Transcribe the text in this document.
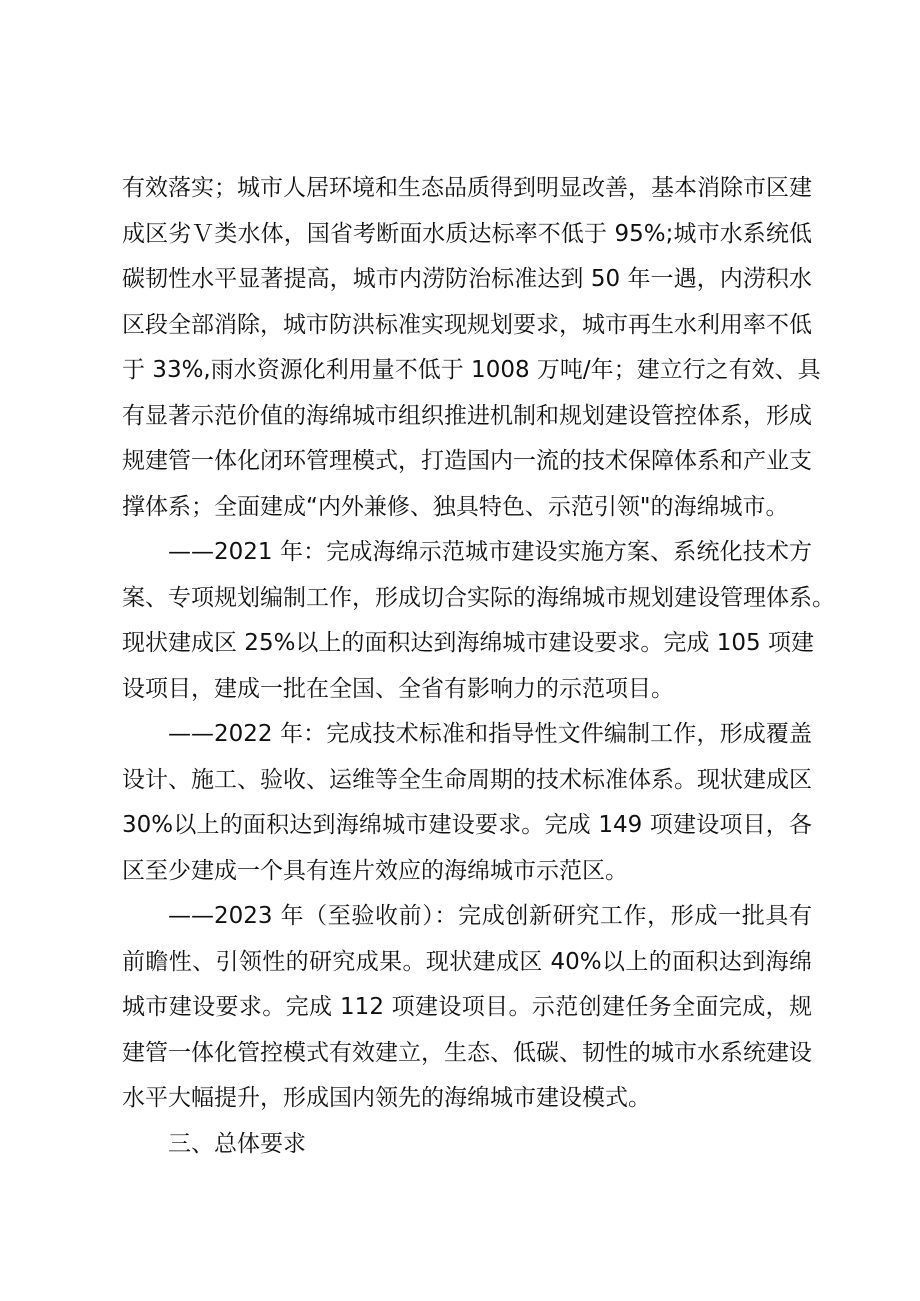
有效落实；城市人居环境和生态品质得到明显改善，基本消除市区建
成区劣Ｖ类水体，国省考断面水质达标率不低于 95%;城市水系统低
碳韧性水平显著提高，城市内涝防治标准达到 50 年一遇，内涝积水
区段全部消除，城市防洪标准实现规划要求，城市再生水利用率不低
于 33%,雨水资源化利用量不低于 1008 万吨/年；建立行之有效、具
有显著示范价值的海绵城市组织推进机制和规划建设管控体系，形成
规建管一体化闭环管理模式，打造国内一流的技术保障体系和产业支
撑体系；全面建成“内外兼修、独具特色、示范引领"的海绵城市。
——2021 年：完成海绵示范城市建设实施方案、系统化技术方
案、专项规划编制工作，形成切合实际的海绵城市规划建设管理体系。
现状建成区 25%以上的面积达到海绵城市建设要求。完成 105 项建
设项目，建成一批在全国、全省有影响力的示范项目。
——2022 年：完成技术标准和指导性文件编制工作，形成覆盖
设计、施工、验收、运维等全生命周期的技术标准体系。现状建成区
30%以上的面积达到海绵城市建设要求。完成 149 项建设项目，各
区至少建成一个具有连片效应的海绵城市示范区。
——2023 年（至验收前）：完成创新研究工作，形成一批具有
前瞻性、引领性的研究成果。现状建成区 40%以上的面积达到海绵
城市建设要求。完成 112 项建设项目。示范创建任务全面完成，规
建管一体化管控模式有效建立，生态、低碳、韧性的城市水系统建设
水平大幅提升，形成国内领先的海绵城市建设模式。
三、总体要求
